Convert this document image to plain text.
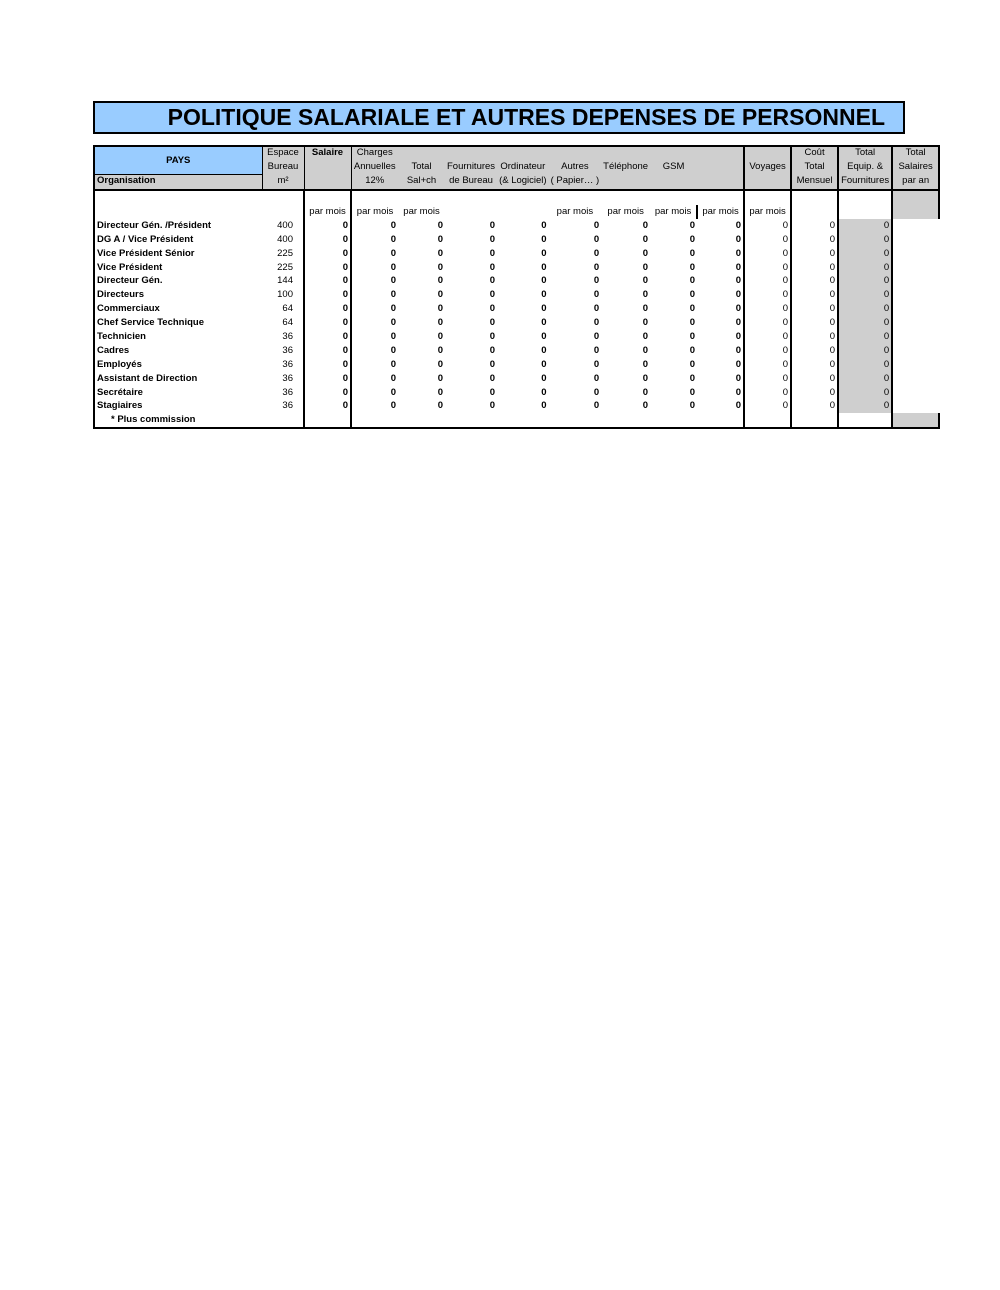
POLITIQUE SALARIALE ET AUTRES DEPENSES DE PERSONNEL
PAYS	Espace	Salaire	Charges									Coût	Total	Total
	Bureau		Annuelles	Total	Fournitures	Ordinateur	Autres	Téléphone	GSM		Voyages	Total	Equip. &	Salaires
Organisation	m²		12%	Sal+ch	de Bureau	(& Logiciel)	( Papier… )					Mensuel	Fournitures	par an

		par mois	par mois	par mois			par mois	par mois	par mois	par mois	par mois			
Directeur Gén. /Président	400	0	0	0	0	0	0	0	0	0	0	0	0	
DG A / Vice Président	400	0	0	0	0	0	0	0	0	0	0	0	0	
Vice Président Sénior	225	0	0	0	0	0	0	0	0	0	0	0	0	
Vice Président	225	0	0	0	0	0	0	0	0	0	0	0	0	
Directeur Gén.	144	0	0	0	0	0	0	0	0	0	0	0	0	
Directeurs	100	0	0	0	0	0	0	0	0	0	0	0	0	
Commerciaux	64	0	0	0	0	0	0	0	0	0	0	0	0	
Chef Service Technique	64	0	0	0	0	0	0	0	0	0	0	0	0	
Technicien	36	0	0	0	0	0	0	0	0	0	0	0	0	
Cadres	36	0	0	0	0	0	0	0	0	0	0	0	0	
Employés	36	0	0	0	0	0	0	0	0	0	0	0	0	
Assistant de Direction	36	0	0	0	0	0	0	0	0	0	0	0	0	
Secrétaire	36	0	0	0	0	0	0	0	0	0	0	0	0	
Stagiaires	36	0	0	0	0	0	0	0	0	0	0	0	0	
* Plus commission														
